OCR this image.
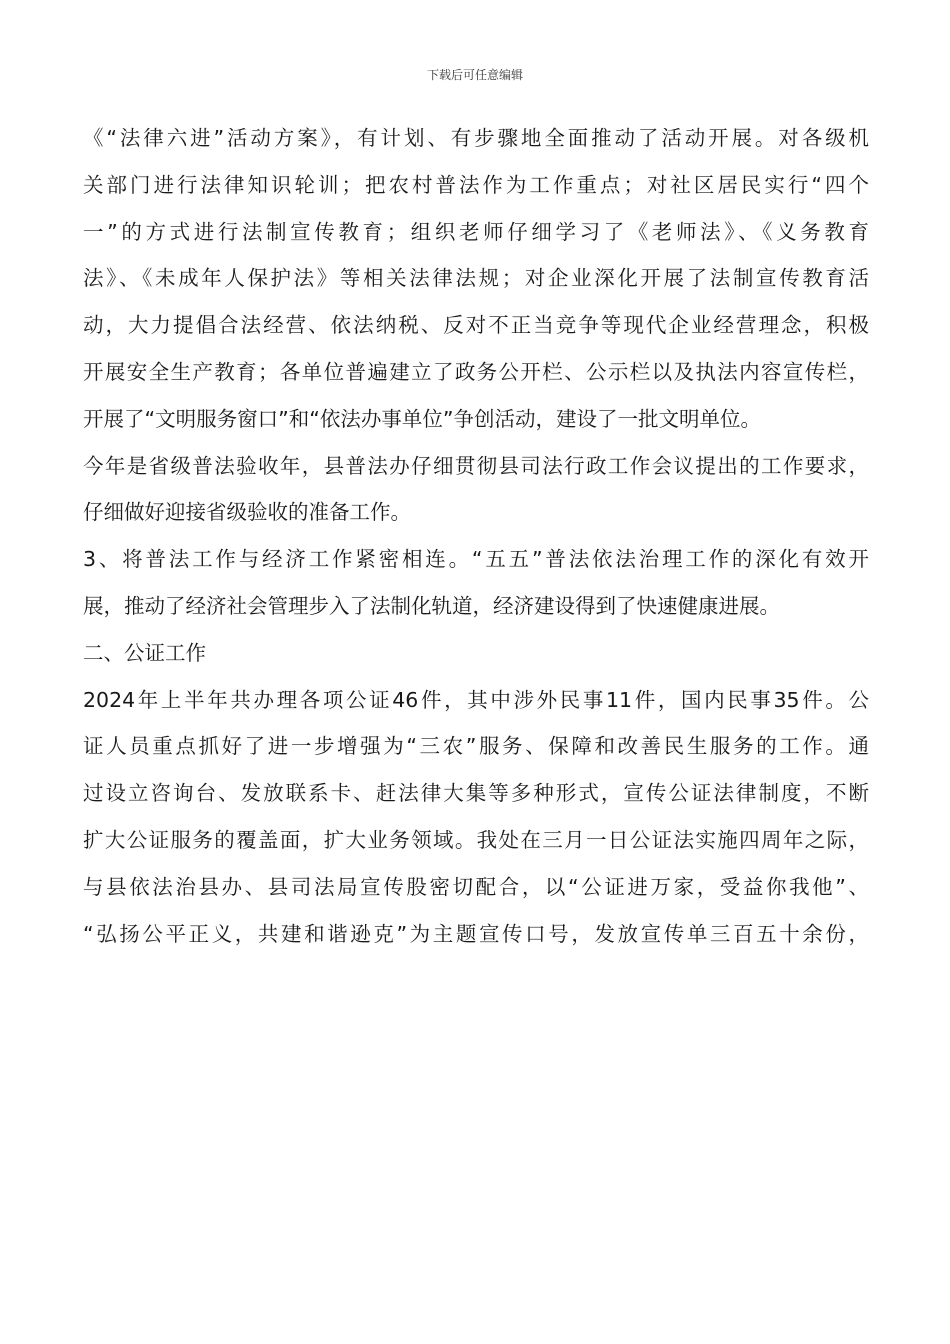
下载后可任意编辑
《“法律六进”活动方案》，有计划、有步骤地全面推动了活动开展。对各级机
关部门进行法律知识轮训；把农村普法作为工作重点；对社区居民实行“四个
一”的方式进行法制宣传教育；组织老师仔细学习了《老师法》、《义务教育
法》、《未成年人保护法》等相关法律法规；对企业深化开展了法制宣传教育活
动，大力提倡合法经营、依法纳税、反对不正当竞争等现代企业经营理念，积极
开展安全生产教育；各单位普遍建立了政务公开栏、公示栏以及执法内容宣传栏，
开展了“文明服务窗口”和“依法办事单位”争创活动，建设了一批文明单位。
今年是省级普法验收年，县普法办仔细贯彻县司法行政工作会议提出的工作要求，
仔细做好迎接省级验收的准备工作。
3、将普法工作与经济工作紧密相连。“五五”普法依法治理工作的深化有效开
展，推动了经济社会管理步入了法制化轨道，经济建设得到了快速健康进展。
二、公证工作
2024年上半年共办理各项公证46件，其中涉外民事11件，国内民事35件。公
证人员重点抓好了进一步增强为“三农”服务、保障和改善民生服务的工作。通
过设立咨询台、发放联系卡、赶法律大集等多种形式，宣传公证法律制度，不断
扩大公证服务的覆盖面，扩大业务领域。我处在三月一日公证法实施四周年之际，
与县依法治县办、县司法局宣传股密切配合，以“公证进万家，受益你我他”、
“弘扬公平正义，共建和谐逊克”为主题宣传口号，发放宣传单三百五十余份，
